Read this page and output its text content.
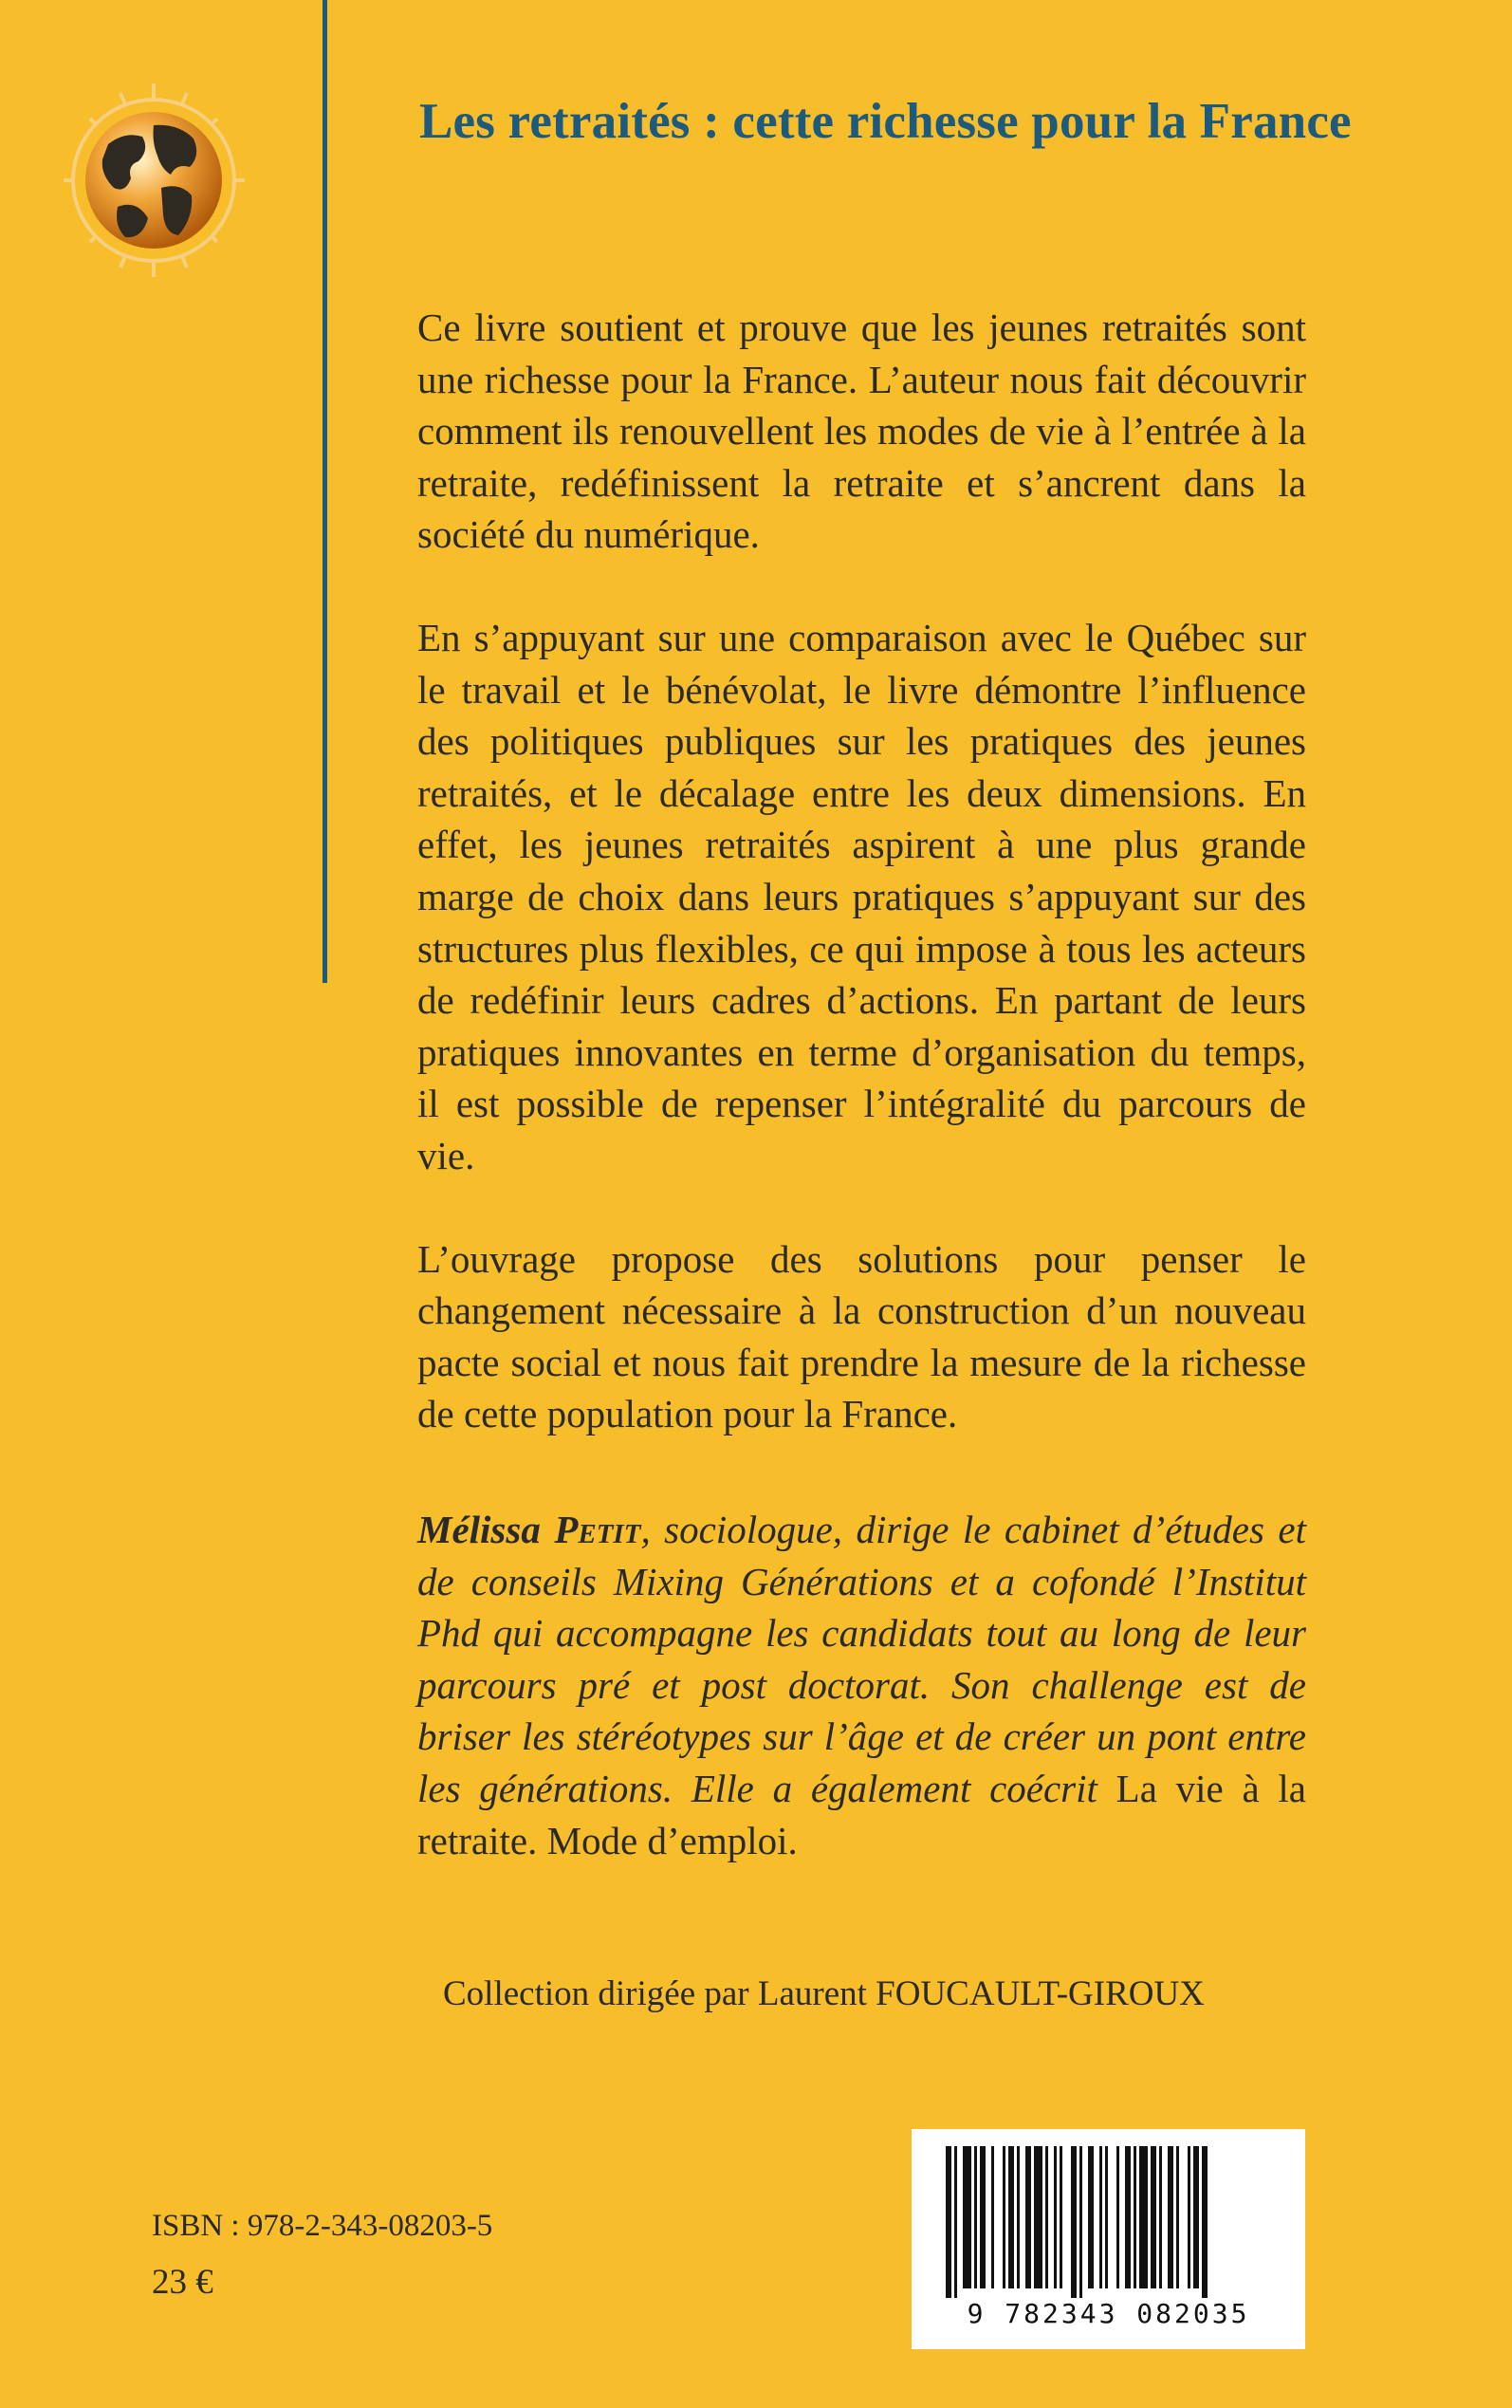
Les retraités : cette richesse pour la France

Ce livre soutient et prouve que les jeunes retraités sont une richesse pour la France. L’auteur nous fait découvrir comment ils renouvellent les modes de vie à l’entrée à la retraite, redéfinissent la retraite et s’ancrent dans la société du numérique.

En s’appuyant sur une comparaison avec le Québec sur le travail et le bénévolat, le livre démontre l’influence des politiques publiques sur les pratiques des jeunes retraités, et le décalage entre les deux dimensions. En effet, les jeunes retraités aspirent à une plus grande marge de choix dans leurs pratiques s’appuyant sur des structures plus flexibles, ce qui impose à tous les acteurs de redéfinir leurs cadres d’actions. En partant de leurs pratiques innovantes en terme d’organisation du temps, il est possible de repenser l’intégralité du parcours de vie.

L’ouvrage propose des solutions pour penser le changement nécessaire à la construction d’un nouveau pacte social et nous fait prendre la mesure de la richesse de cette population pour la France.

Mélissa Petit, sociologue, dirige le cabinet d’études et de conseils Mixing Générations et a cofondé l’Institut Phd qui accompagne les candidats tout au long de leur parcours pré et post doctorat. Son challenge est de briser les stéréotypes sur l’âge et de créer un pont entre les générations. Elle a également coécrit La vie à la retraite. Mode d’emploi.
Collection dirigée par Laurent FOUCAULT-GIROUX
9 782343 082035
ISBN : 978-2-343-08203-5
23 €
